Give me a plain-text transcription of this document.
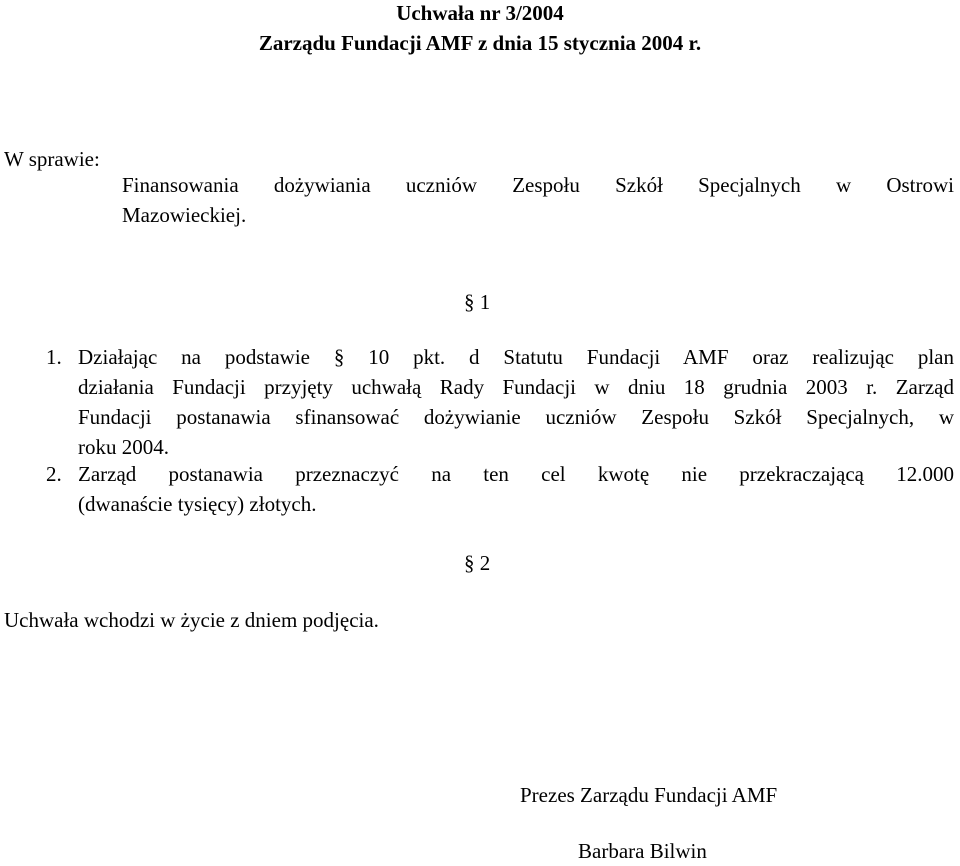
Uchwała nr 3/2004
Zarządu Fundacji AMF z dnia 15 stycznia 2004 r.
W sprawie:
Finansowania dożywiania uczniów Zespołu Szkół Specjalnych w Ostrowi
Mazowieckiej.
§ 1
1. Działając na podstawie § 10 pkt. d Statutu Fundacji AMF oraz realizując plan
działania Fundacji przyjęty uchwałą Rady Fundacji w dniu 18 grudnia 2003 r. Zarząd
Fundacji postanawia sfinansować dożywianie uczniów Zespołu Szkół Specjalnych, w
roku 2004.
2. Zarząd postanawia przeznaczyć na ten cel kwotę nie przekraczającą 12.000
(dwanaście tysięcy) złotych.
§ 2
Uchwała wchodzi w życie z dniem podjęcia.
Prezes Zarządu Fundacji AMF
Barbara Bilwin
